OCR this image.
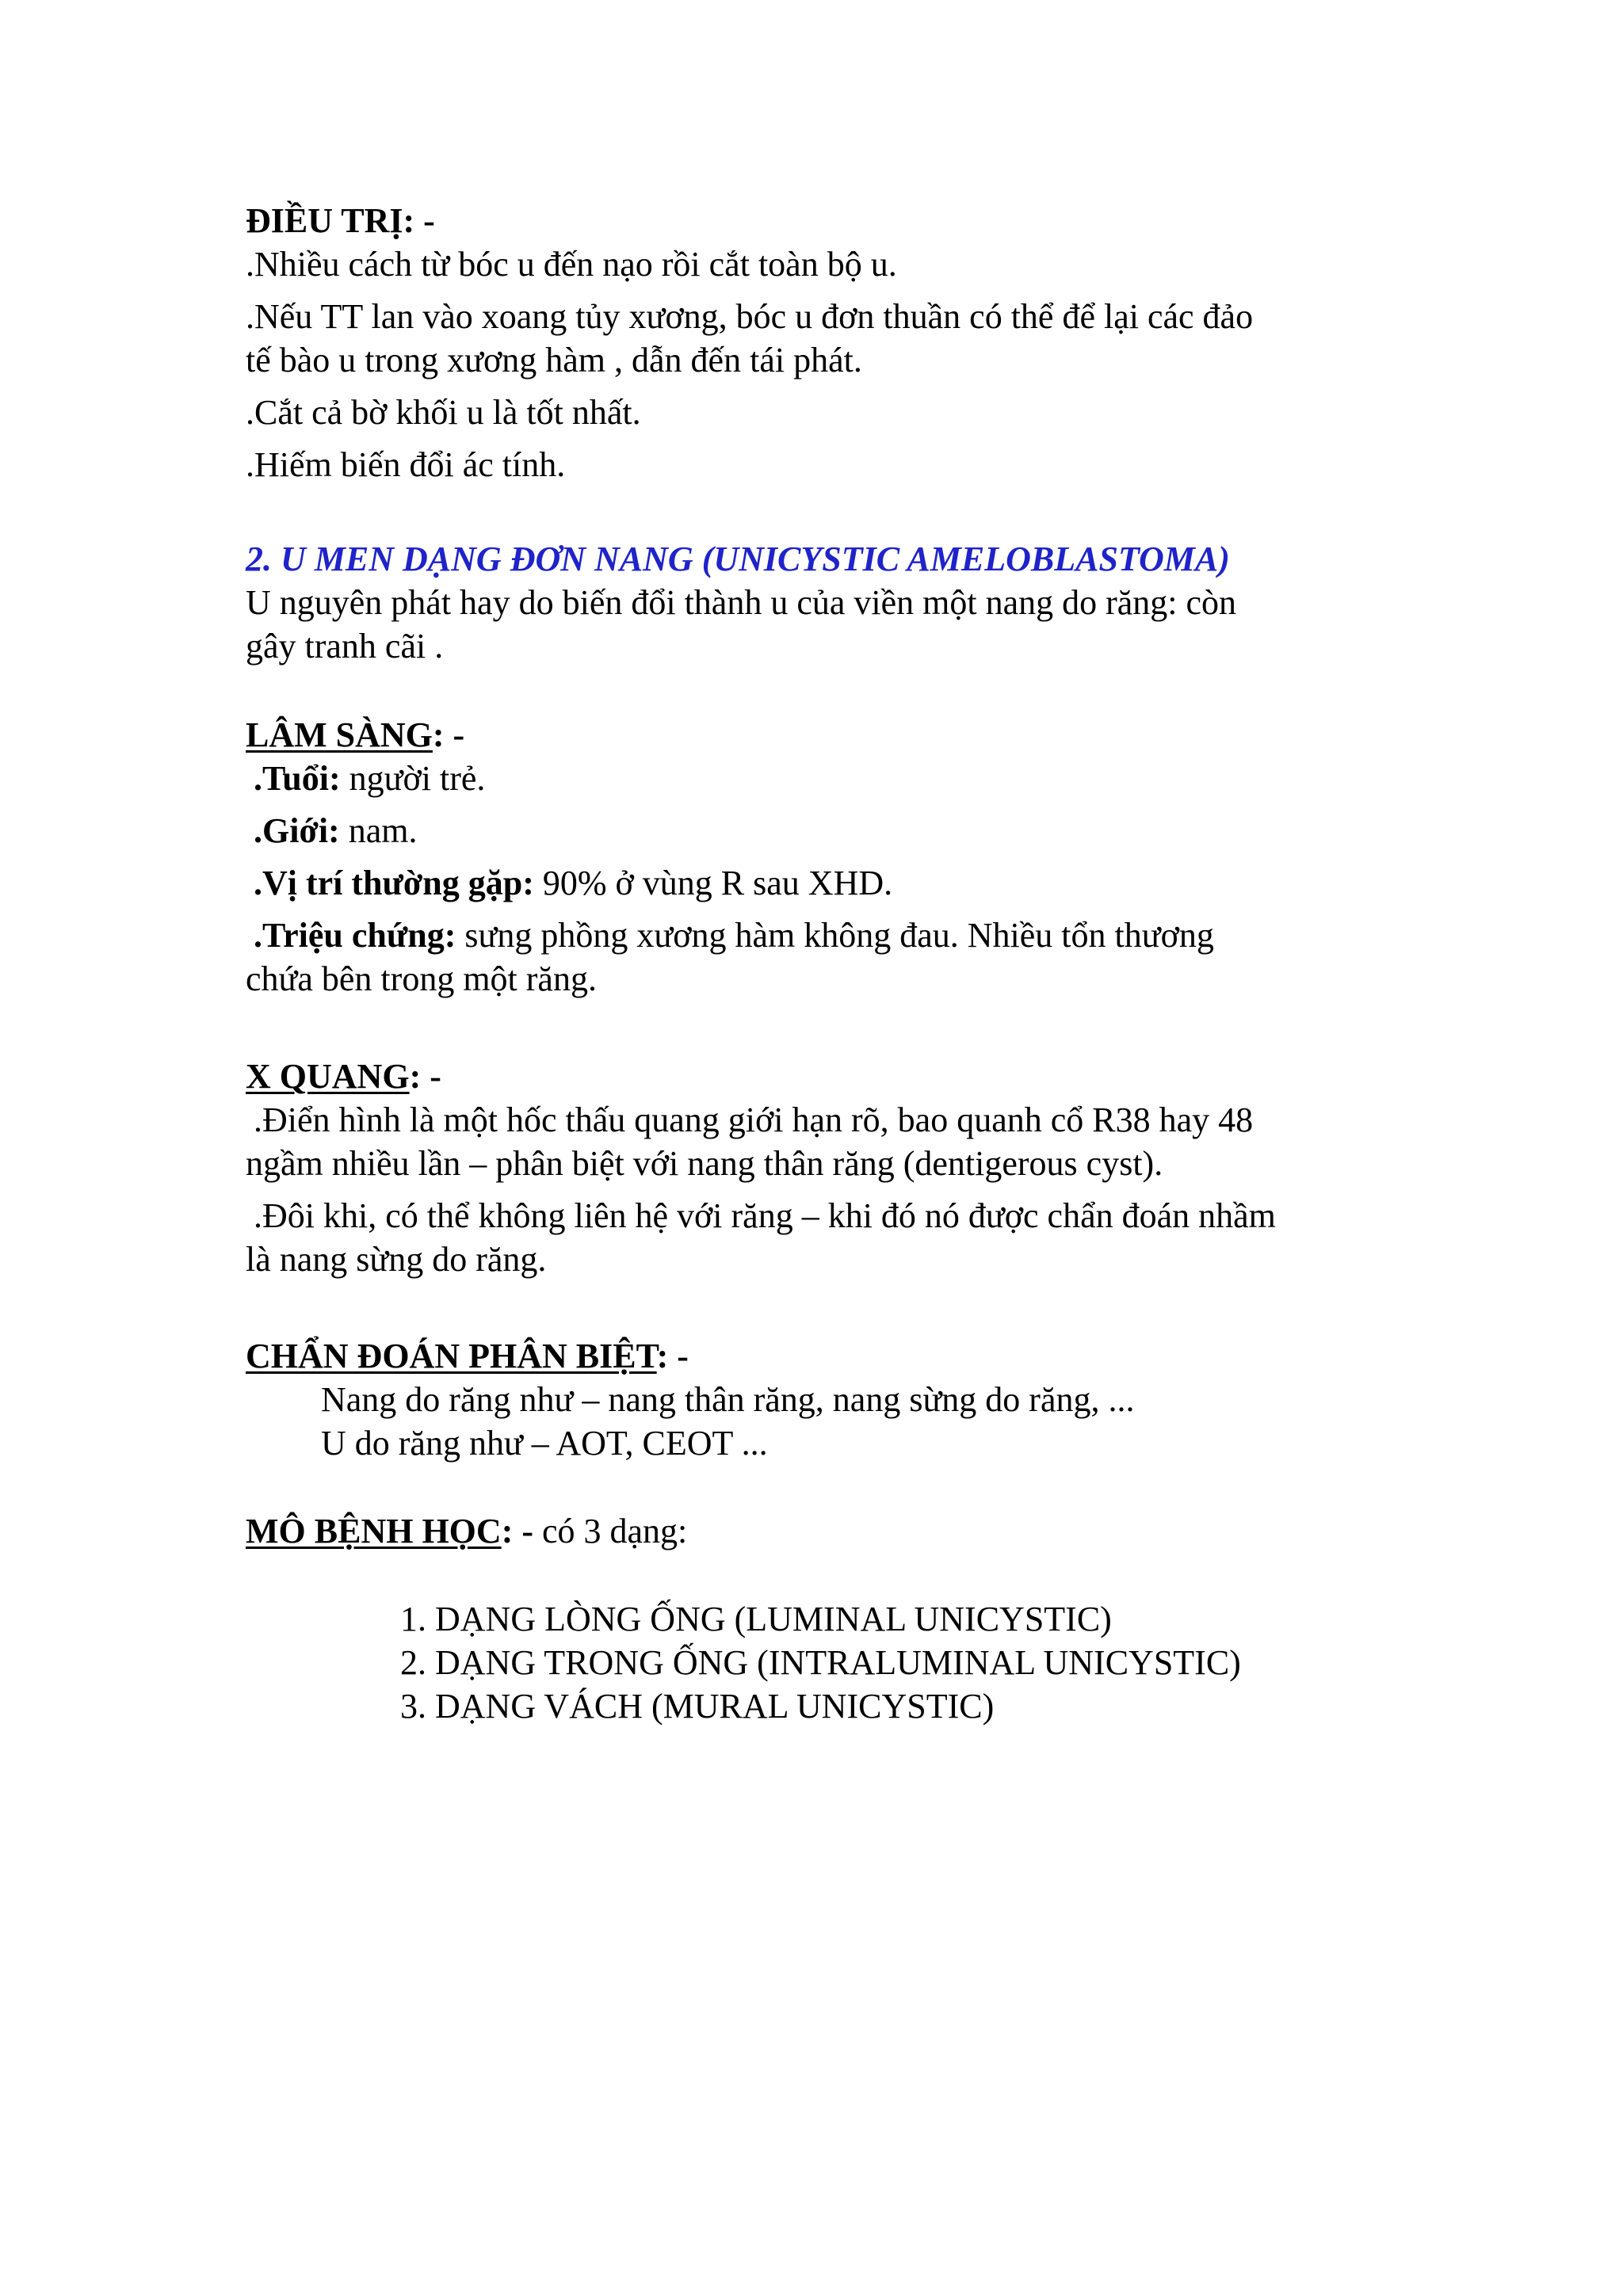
ĐIỀU TRỊ: -

.Nhiều cách từ bóc u đến nạo rồi cắt toàn bộ u.

.Nếu TT lan vào xoang tủy xương, bóc u đơn thuần có thể để lại các đảo

tế bào u trong xương hàm , dẫn đến tái phát.

.Cắt cả bờ khối u là tốt nhất.

.Hiếm biến đổi ác tính.

2. U MEN DẠNG ĐƠN NANG (UNICYSTIC AMELOBLASTOMA)

U nguyên phát hay do biến đổi thành u của viền một nang do răng: còn

gây tranh cãi .

LÂM SÀNG: -

.Tuổi: người trẻ.

.Giới: nam.

.Vị trí thường gặp: 90% ở vùng R sau XHD.

.Triệu chứng: sưng phồng xương hàm không đau. Nhiều tổn thương

chứa bên trong một răng.

X QUANG: -

.Điển hình là một hốc thấu quang giới hạn rõ, bao quanh cổ R38 hay 48

ngầm nhiều lần – phân biệt với nang thân răng (dentigerous cyst).

.Đôi khi, có thể không liên hệ với răng – khi đó nó được chẩn đoán nhầm

là nang sừng do răng.

CHẨN ĐOÁN PHÂN BIỆT: -

Nang do răng như – nang thân răng, nang sừng do răng, ...

U do răng như – AOT, CEOT ...

MÔ BỆNH HỌC: - có 3 dạng:

1. DẠNG LÒNG ỐNG (LUMINAL UNICYSTIC)

2. DẠNG TRONG ỐNG (INTRALUMINAL UNICYSTIC)

3. DẠNG VÁCH (MURAL UNICYSTIC)
